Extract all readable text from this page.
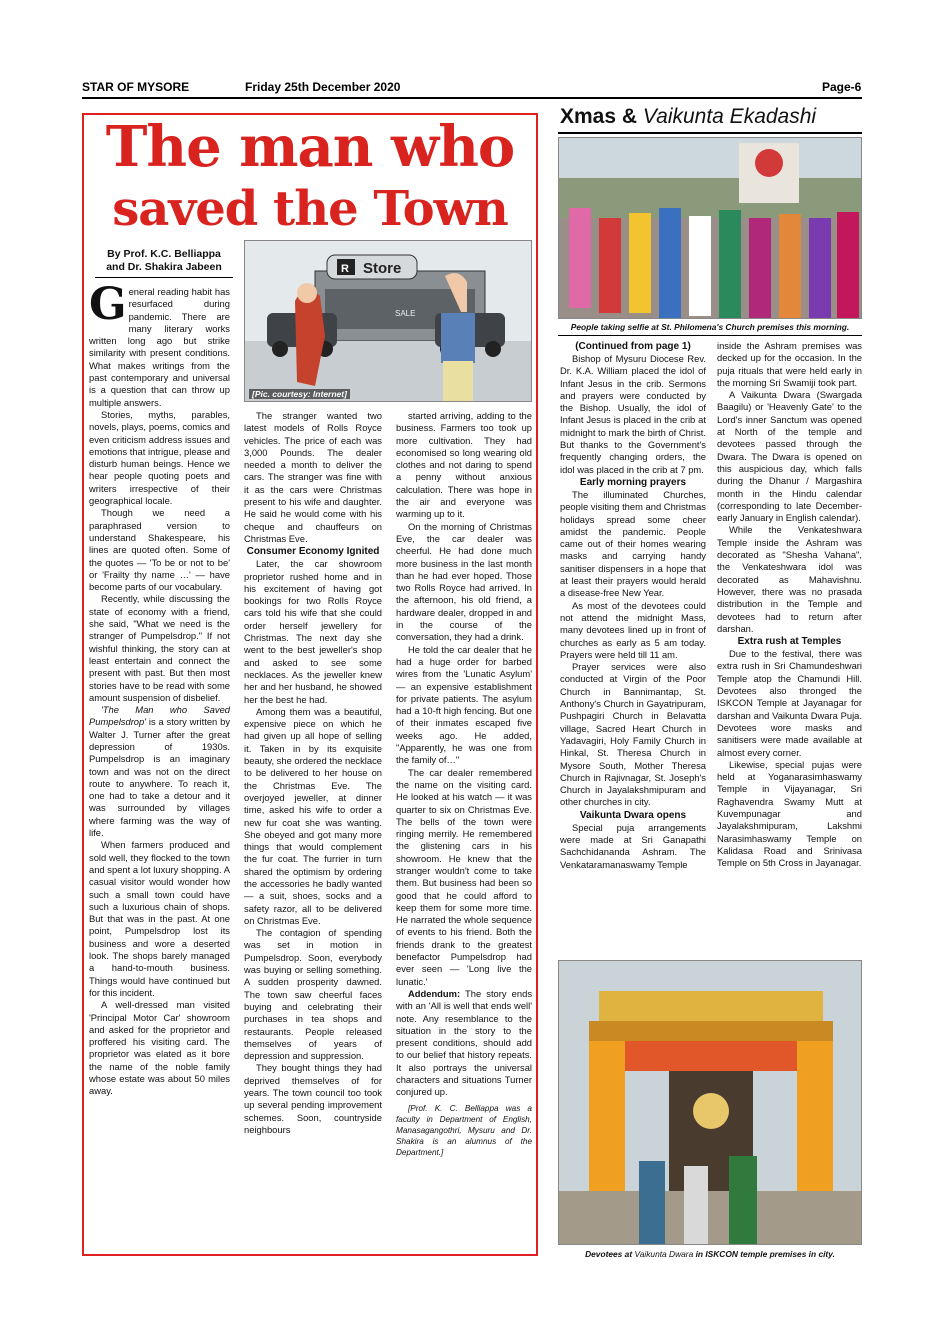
STAR OF MYSORE	Friday 25th December 2020	Page-6
The man who
saved the Town
By Prof. K.C. Belliappa
and Dr. Shakira Jabeen	Store
R
SALE
[Pic. courtesy: Internet]

General reading habit has resurfaced during pandemic. There are many literary works written long ago but strike similarity with present conditions. What makes writings from the past contemporary and universal is a question that can throw up multiple answers.

Stories, myths, parables, novels, plays, poems, comics and even criticism address issues and emotions that intrigue, please and disturb human beings. Hence we hear people quoting poets and writers irrespective of their geographical locale.

Though we need a paraphrased version to understand Shakespeare, his lines are quoted often. Some of the quotes — 'To be or not to be' or 'Frailty thy name …' — have become parts of our vocabulary.

Recently, while discussing the state of economy with a friend, she said, "What we need is the stranger of Pumpelsdrop." If not wishful thinking, the story can at least entertain and connect the present with past. But then most stories have to be read with some amount suspension of disbelief.

'The Man who Saved Pumpelsdrop' is a story written by Walter J. Turner after the great depression of 1930s. Pumpelsdrop is an imaginary town and was not on the direct route to anywhere. To reach it, one had to take a detour and it was surrounded by villages where farming was the way of life.

When farmers produced and sold well, they flocked to the town and spent a lot luxury shopping. A casual visitor would wonder how such a small town could have such a luxurious chain of shops. But that was in the past. At one point, Pumpelsdrop lost its business and wore a deserted look. The shops barely managed a hand-to-mouth business. Things would have continued but for this incident.

A well-dressed man visited 'Principal Motor Car' showroom and asked for the proprietor and proffered his visiting card. The proprietor was elated as it bore the name of the noble family whose estate was about 50 miles away.

The stranger wanted two latest models of Rolls Royce vehicles. The price of each was 3,000 Pounds. The dealer needed a month to deliver the cars. The stranger was fine with it as the cars were Christmas present to his wife and daughter. He said he would come with his cheque and chauffeurs on Christmas Eve.

Consumer Economy Ignited

Later, the car showroom proprietor rushed home and in his excitement of having got bookings for two Rolls Royce cars told his wife that she could order herself jewellery for Christmas. The next day she went to the best jeweller's shop and asked to see some necklaces. As the jeweller knew her and her husband, he showed her the best he had.

Among them was a beautiful, expensive piece on which he had given up all hope of selling it. Taken in by its exquisite beauty, she ordered the necklace to be delivered to her house on the Christmas Eve. The overjoyed jeweller, at dinner time, asked his wife to order a new fur coat she was wanting. She obeyed and got many more things that would complement the fur coat. The furrier in turn shared the optimism by ordering the accessories he badly wanted — a suit, shoes, socks and a safety razor, all to be delivered on Christmas Eve.

The contagion of spending was set in motion in Pumpelsdrop. Soon, everybody was buying or selling something. A sudden prosperity dawned. The town saw cheerful faces buying and celebrating their purchases in tea shops and restaurants. People released themselves of years of depression and suppression.

They bought things they had deprived themselves of for years. The town council too took up several pending improvement schemes. Soon, countryside neighbours

started arriving, adding to the business. Farmers too took up more cultivation. They had economised so long wearing old clothes and not daring to spend a penny without anxious calculation. There was hope in the air and everyone was warming up to it.

On the morning of Christmas Eve, the car dealer was cheerful. He had done much more business in the last month than he had ever hoped. Those two Rolls Royce had arrived. In the afternoon, his old friend, a hardware dealer, dropped in and in the course of the conversation, they had a drink.

He told the car dealer that he had a huge order for barbed wires from the 'Lunatic Asylum' — an expensive establishment for private patients. The asylum had a 10-ft high fencing. But one of their inmates escaped five weeks ago. He added, "Apparently, he was one from the family of…"

The car dealer remembered the name on the visiting card. He looked at his watch — it was quarter to six on Christmas Eve. The bells of the town were ringing merrily. He remembered the glistening cars in his showroom. He knew that the stranger wouldn't come to take them. But business had been so good that he could afford to keep them for some more time. He narrated the whole sequence of events to his friend. Both the friends drank to the greatest benefactor Pumpelsdrop had ever seen — 'Long live the lunatic.'

Addendum: The story ends with an 'All is well that ends well' note. Any resemblance to the situation in the story to the present conditions, should add to our belief that history repeats. It also portrays the universal characters and situations Turner conjured up.

[Prof. K. C. Belliappa was a faculty in Department of English, Manasagangothri, Mysuru and Dr. Shakira is an alumnus of the Department.]

Xmas & Vaikunta Ekadashi
People taking selfie at St. Philomena's Church premises this morning.
(Continued from page 1)

Bishop of Mysuru Diocese Rev. Dr. K.A. William placed the idol of Infant Jesus in the crib. Sermons and prayers were conducted by the Bishop. Usually, the idol of Infant Jesus is placed in the crib at midnight to mark the birth of Christ. But thanks to the Government's frequently changing orders, the idol was placed in the crib at 7 pm.

Early morning prayers

The illuminated Churches, people visiting them and Christmas holidays spread some cheer amidst the pandemic. People came out of their homes wearing masks and carrying handy sanitiser dispensers in a hope that at least their prayers would herald a disease-free New Year.

As most of the devotees could not attend the midnight Mass, many devotees lined up in front of churches as early as 5 am today. Prayers were held till 11 am.

Prayer services were also conducted at Virgin of the Poor Church in Bannimantap, St. Anthony's Church in Gayatripuram, Pushpagiri Church in Belavatta village, Sacred Heart Church in Yadavagiri, Holy Family Church in Hinkal, St. Theresa Church in Mysore South, Mother Theresa Church in Rajivnagar, St. Joseph's Church in Jayalakshmipuram and other churches in city.

Vaikunta Dwara opens

Special puja arrangements were made at Sri Ganapathi Sachchidananda Ashram. The Venkataramanaswamy Temple

inside the Ashram premises was decked up for the occasion. In the puja rituals that were held early in the morning Sri Swamiji took part.

A Vaikunta Dwara (Swargada Baagilu) or 'Heavenly Gate' to the Lord's inner Sanctum was opened at North of the temple and devotees passed through the Dwara. The Dwara is opened on this auspicious day, which falls during the Dhanur / Margashira month in the Hindu calendar (corresponding to late December-early January in English calendar).

While the Venkateshwara Temple inside the Ashram was decorated as "Shesha Vahana", the Venkateshwara idol was decorated as Mahavishnu. However, there was no prasada distribution in the Temple and devotees had to return after darshan.

Extra rush at Temples

Due to the festival, there was extra rush in Sri Chamundeshwari Temple atop the Chamundi Hill. Devotees also thronged the ISKCON Temple at Jayanagar for darshan and Vaikunta Dwara Puja. Devotees wore masks and sanitisers were made available at almost every corner.

Likewise, special pujas were held at Yoganarasimhaswamy Temple in Vijayanagar, Sri Raghavendra Swamy Mutt at Kuvempunagar and Jayalakshmipuram, Lakshmi Narasimhaswamy Temple on Kalidasa Road and Srinivasa Temple on 5th Cross in Jayanagar.

Devotees at Vaikunta Dwara in ISKCON temple premises in city.
